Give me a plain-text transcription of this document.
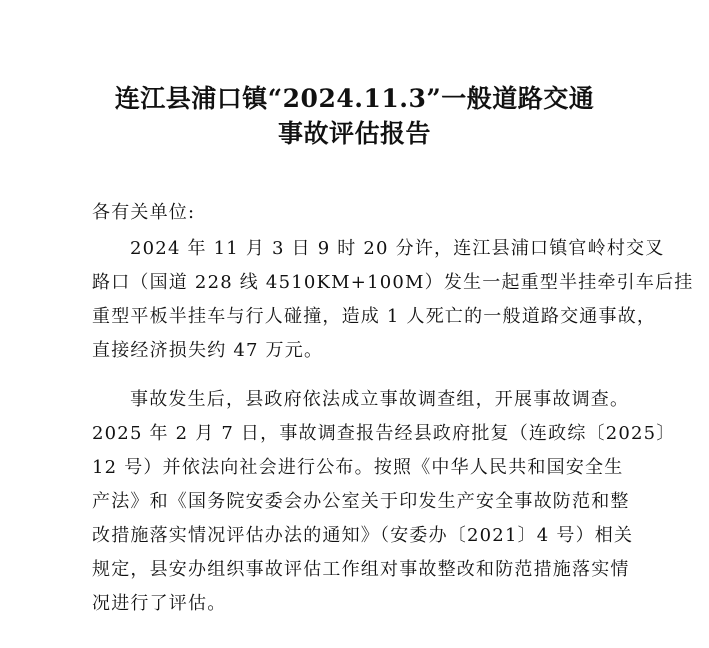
连江县浦口镇“2024.11.3”一般道路交通
事故评估报告
各有关单位:
2024 年 11 月 3 日 9 时 20 分许，连江县浦口镇官岭村交叉
路口（国道 228 线 4510KM+100M）发生一起重型半挂牵引车后挂
重型平板半挂车与行人碰撞，造成 1 人死亡的一般道路交通事故，
直接经济损失约 47 万元。
事故发生后，县政府依法成立事故调查组，开展事故调查。
2025 年 2 月 7 日，事故调查报告经县政府批复（连政综〔2025〕
12 号）并依法向社会进行公布。按照《中华人民共和国安全生
产法》和《国务院安委会办公室关于印发生产安全事故防范和整
改措施落实情况评估办法的通知》（安委办〔2021〕4 号）相关
规定，县安办组织事故评估工作组对事故整改和防范措施落实情
况进行了评估。
